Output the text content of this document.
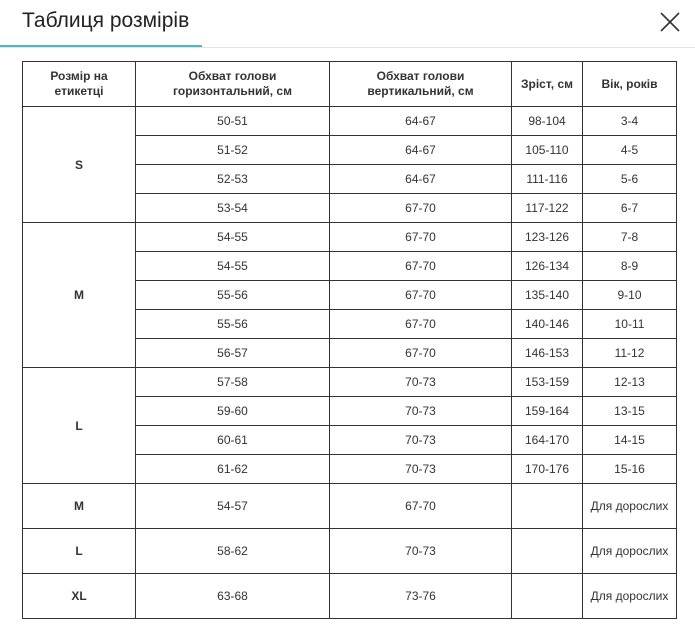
Таблиця розмірів
Розмір на етикетці	Обхват голови горизонтальний, см	Обхват голови вертикальний, см	Зріст, см	Вік, років
S	50-51	64-67	98-104	3-4
	51-52	64-67	105-110	4-5
	52-53	64-67	111-116	5-6
	53-54	67-70	117-122	6-7
M	54-55	67-70	123-126	7-8
	54-55	67-70	126-134	8-9
	55-56	67-70	135-140	9-10
	55-56	67-70	140-146	10-11
	56-57	67-70	146-153	11-12
L	57-58	70-73	153-159	12-13
	59-60	70-73	159-164	13-15
	60-61	70-73	164-170	14-15
	61-62	70-73	170-176	15-16
M	54-57	67-70		Для дорослих
L	58-62	70-73		Для дорослих
XL	63-68	73-76		Для дорослих
